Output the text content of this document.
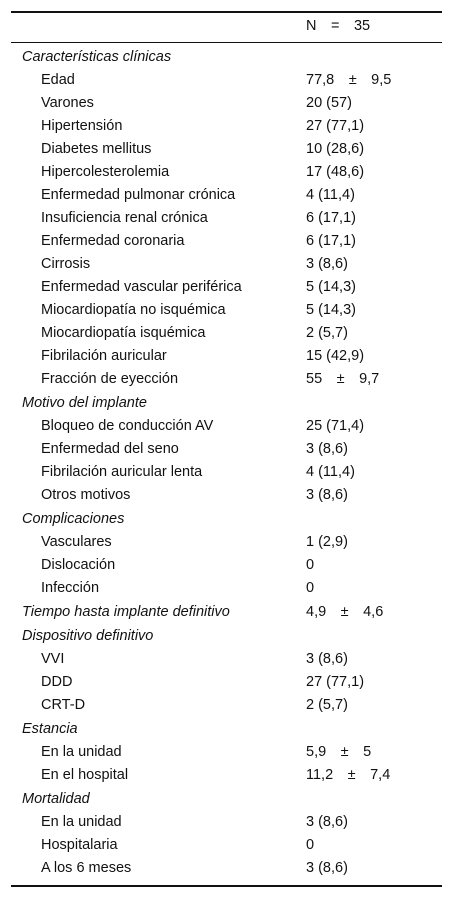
N = 35
Características clínicas
Edad	77,8 ± 9,5
Varones	20 (57)
Hipertensión	27 (77,1)
Diabetes mellitus	10 (28,6)
Hipercolesterolemia	17 (48,6)
Enfermedad pulmonar crónica	4 (11,4)
Insuficiencia renal crónica	6 (17,1)
Enfermedad coronaria	6 (17,1)
Cirrosis	3 (8,6)
Enfermedad vascular periférica	5 (14,3)
Miocardiopatía no isquémica	5 (14,3)
Miocardiopatía isquémica	2 (5,7)
Fibrilación auricular	15 (42,9)
Fracción de eyección	55 ± 9,7
Motivo del implante
Bloqueo de conducción AV	25 (71,4)
Enfermedad del seno	3 (8,6)
Fibrilación auricular lenta	4 (11,4)
Otros motivos	3 (8,6)
Complicaciones
Vasculares	1 (2,9)
Dislocación	0
Infección	0
Tiempo hasta implante definitivo	4,9 ± 4,6
Dispositivo definitivo
VVI	3 (8,6)
DDD	27 (77,1)
CRT-D	2 (5,7)
Estancia
En la unidad	5,9 ± 5
En el hospital	11,2 ± 7,4
Mortalidad
En la unidad	3 (8,6)
Hospitalaria	0
A los 6 meses	3 (8,6)
